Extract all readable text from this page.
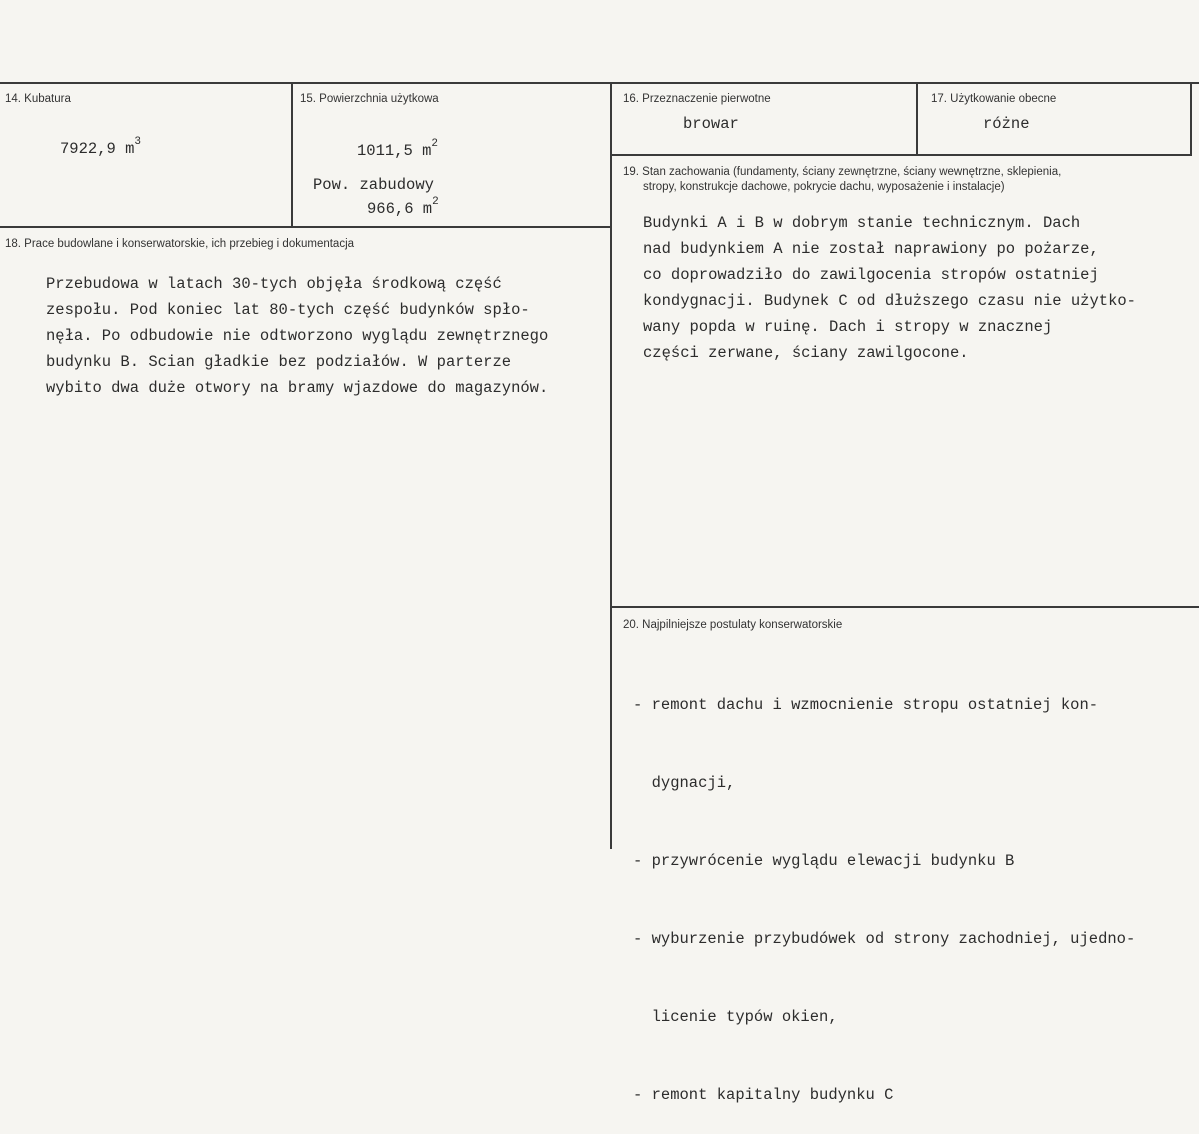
14. Kubatura
7922,9 $m^3$
15. Powierzchnia użytkowa
1011,5 $m^2$
Pow. zabudowy
966,6 $m^2$
16. Przeznaczenie pierwotne
browar
17. Użytkowanie obecne
różne
18. Prace budowlane i konserwatorskie, ich przebieg i dokumentacja
Przebudowa w latach 30-tych objęła środkową część
zespołu. Pod koniec lat 80-tych część budynków spło-
nęła. Po odbudowie nie odtworzono wyglądu zewnętrznego
budynku B. Scian gładkie bez podziałów. W parterze
wybito dwa duże otwory na bramy wjazdowe do magazynów.
19. Stan zachowania (fundamenty, ściany zewnętrzne, ściany wewnętrzne, sklepienia,
stropy, konstrukcje dachowe, pokrycie dachu, wyposażenie i instalacje)
Budynki A i B w dobrym stanie technicznym. Dach
nad budynkiem A nie został naprawiony po pożarze,
co doprowadziło do zawilgocenia stropów ostatniej
kondygnacji. Budynek C od dłuższego czasu nie użytko-
wany popda w ruinę. Dach i stropy w znacznej
części zerwane, ściany zawilgocone.
20. Najpilniejsze postulaty konserwatorskie

- remont dachu i wzmocnienie stropu ostatniej kon-

dygnacji,

- przywrócenie wyglądu elewacji budynku B

- wyburzenie przybudówek od strony zachodniej, ujedno-

licenie typów okien,

- remont kapitalny budynku C
